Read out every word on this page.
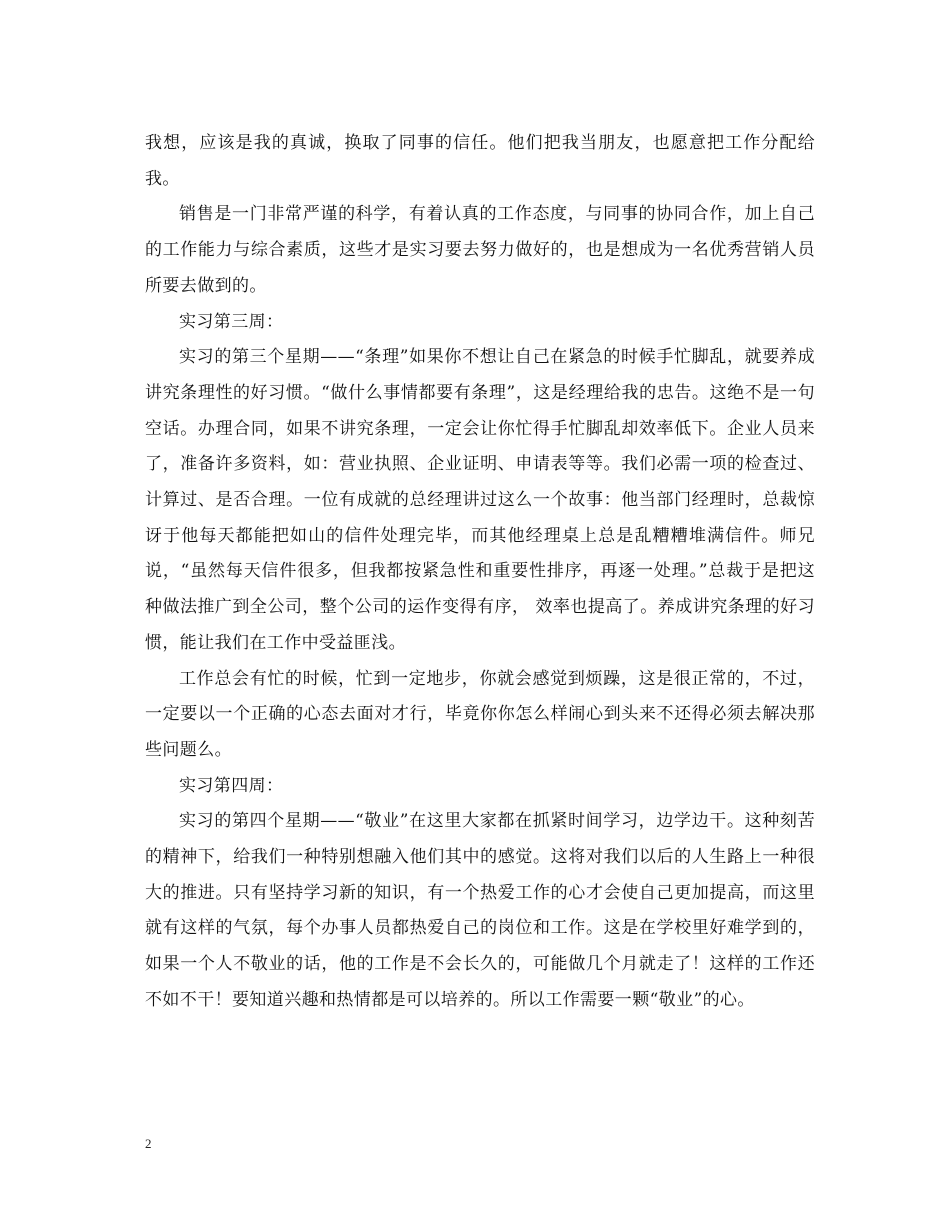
我想，应该是我的真诚，换取了同事的信任。他们把我当朋友，也愿意把工作分配给我。

销售是一门非常严谨的科学，有着认真的工作态度，与同事的协同合作，加上自己的工作能力与综合素质，这些才是实习要去努力做好的，也是想成为一名优秀营销人员所要去做到的。

实习第三周：

实习的第三个星期——“条理”如果你不想让自己在紧急的时候手忙脚乱，就要养成讲究条理性的好习惯。“做什么事情都要有条理”，这是经理给我的忠告。这绝不是一句空话。办理合同，如果不讲究条理，一定会让你忙得手忙脚乱却效率低下。企业人员来了，准备许多资料，如：营业执照、企业证明、申请表等等。我们必需一项的检查过、计算过、是否合理。一位有成就的总经理讲过这么一个故事：他当部门经理时，总裁惊讶于他每天都能把如山的信件处理完毕，而其他经理桌上总是乱糟糟堆满信件。师兄说，“虽然每天信件很多，但我都按紧急性和重要性排序，再逐一处理。”总裁于是把这种做法推广到全公司，整个公司的运作变得有序， 效率也提高了。养成讲究条理的好习惯，能让我们在工作中受益匪浅。

工作总会有忙的时候，忙到一定地步，你就会感觉到烦躁，这是很正常的，不过，一定要以一个正确的心态去面对才行，毕竟你你怎么样闹心到头来不还得必须去解决那些问题么。

实习第四周：

实习的第四个星期——“敬业”在这里大家都在抓紧时间学习，边学边干。这种刻苦的精神下，给我们一种特别想融入他们其中的感觉。这将对我们以后的人生路上一种很大的推进。只有坚持学习新的知识，有一个热爱工作的心才会使自己更加提高，而这里就有这样的气氛，每个办事人员都热爱自己的岗位和工作。这是在学校里好难学到的，如果一个人不敬业的话，他的工作是不会长久的，可能做几个月就走了！这样的工作还不如不干！要知道兴趣和热情都是可以培养的。所以工作需要一颗“敬业”的心。

2
